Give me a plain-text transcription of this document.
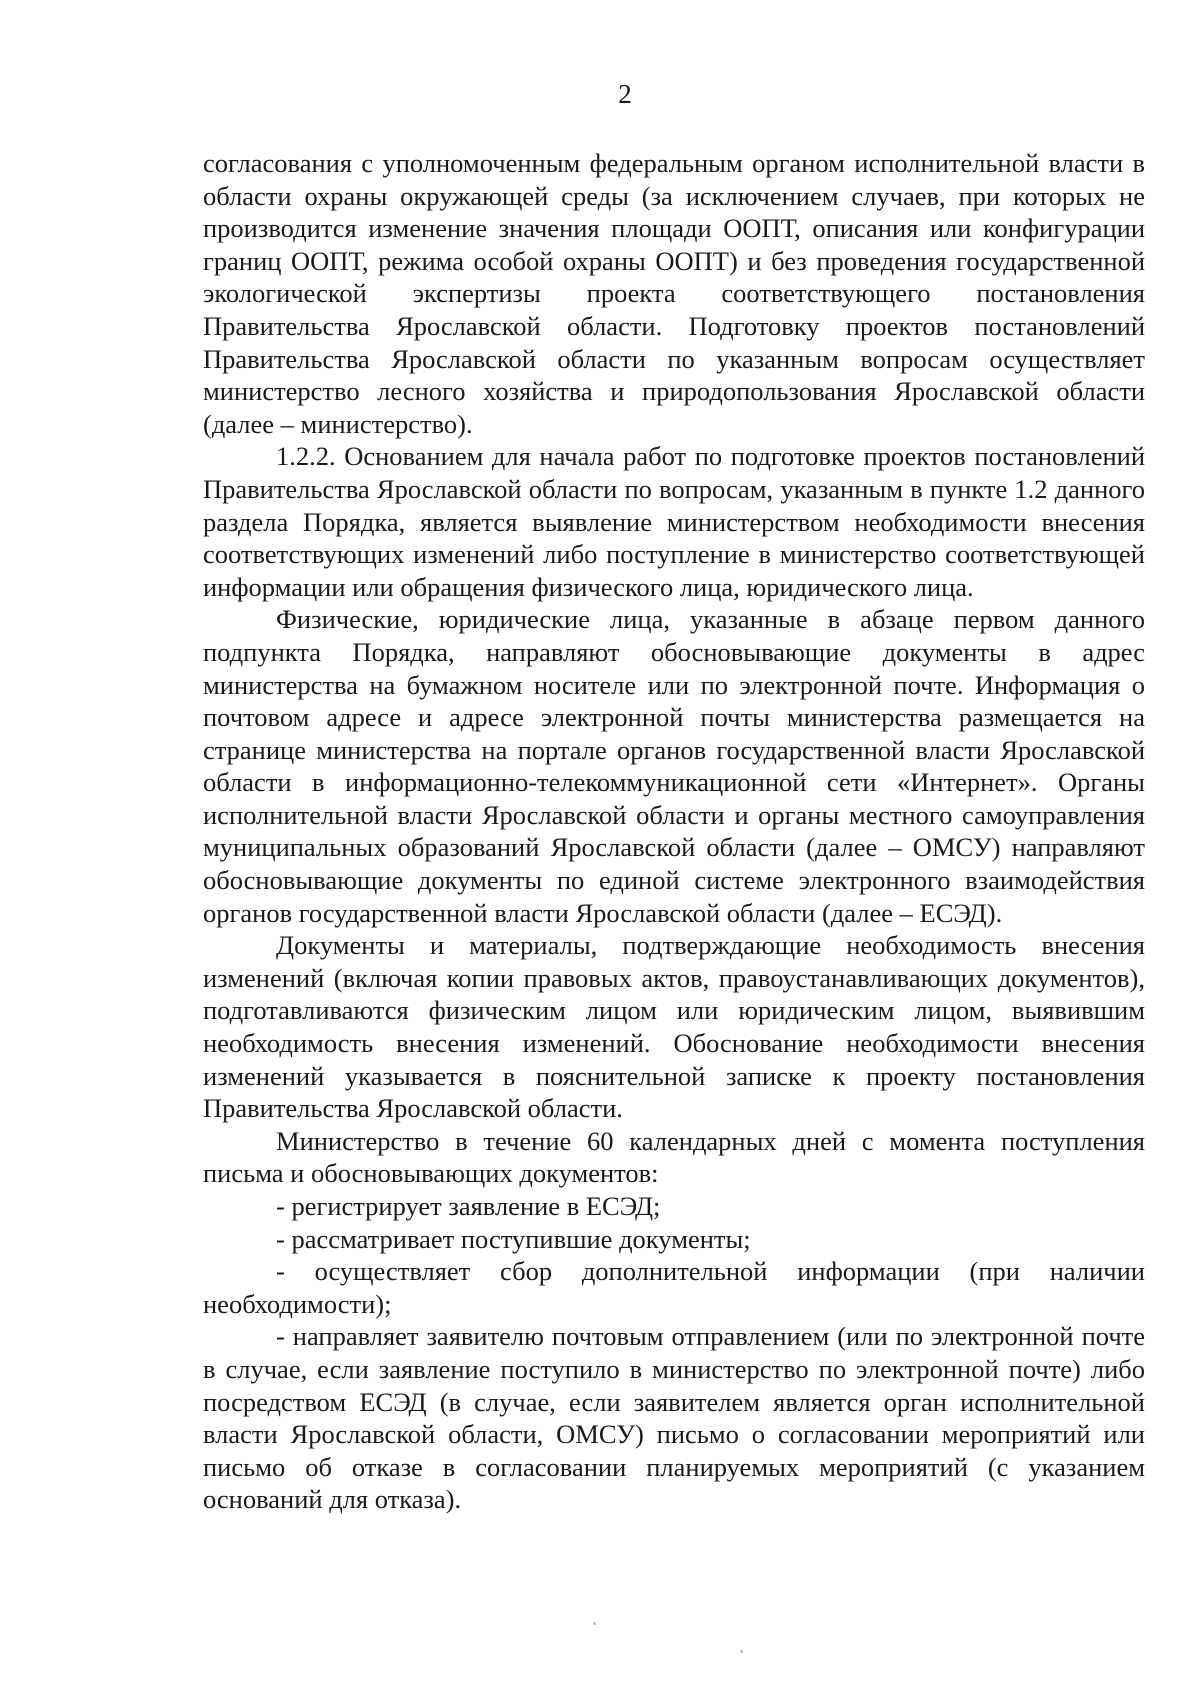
2

согласования с уполномоченным федеральным органом исполнительной власти в области охраны окружающей среды (за исключением случаев, при которых не производится изменение значения площади ООПТ, описания или конфигурации границ ООПТ, режима особой охраны ООПТ) и без проведения государственной экологической экспертизы проекта соответствующего постановления Правительства Ярославской области. Подготовку проектов постановлений Правительства Ярославской области по указанным вопросам осуществляет министерство лесного хозяйства и природопользования Ярославской области (далее – министерство).

1.2.2. Основанием для начала работ по подготовке проектов постановлений Правительства Ярославской области по вопросам, указанным в пункте 1.2 данного раздела Порядка, является выявление министерством необходимости внесения соответствующих изменений либо поступление в министерство соответствующей информации или обращения физического лица, юридического лица.

Физические, юридические лица, указанные в абзаце первом данного подпункта Порядка, направляют обосновывающие документы в адрес министерства на бумажном носителе или по электронной почте. Информация о почтовом адресе и адресе электронной почты министерства размещается на странице министерства на портале органов государственной власти Ярославской области в информационно-телекоммуникационной сети «Интернет». Органы исполнительной власти Ярославской области и органы местного самоуправления муниципальных образований Ярославской области (далее – ОМСУ) направляют обосновывающие документы по единой системе электронного взаимодействия органов государственной власти Ярославской области (далее – ЕСЭД).

Документы и материалы, подтверждающие необходимость внесения изменений (включая копии правовых актов, правоустанавливающих документов), подготавливаются физическим лицом или юридическим лицом, выявившим необходимость внесения изменений. Обоснование необходимости внесения изменений указывается в пояснительной записке к проекту постановления Правительства Ярославской области.

Министерство в течение 60 календарных дней с момента поступления письма и обосновывающих документов:

- регистрирует заявление в ЕСЭД;

- рассматривает поступившие документы;

- осуществляет сбор дополнительной информации (при наличии необходимости);

- направляет заявителю почтовым отправлением (или по электронной почте в случае, если заявление поступило в министерство по электронной почте) либо посредством ЕСЭД (в случае, если заявителем является орган исполнительной власти Ярославской области, ОМСУ) письмо о согласовании мероприятий или письмо об отказе в согласовании планируемых мероприятий (с указанием оснований для отказа).
